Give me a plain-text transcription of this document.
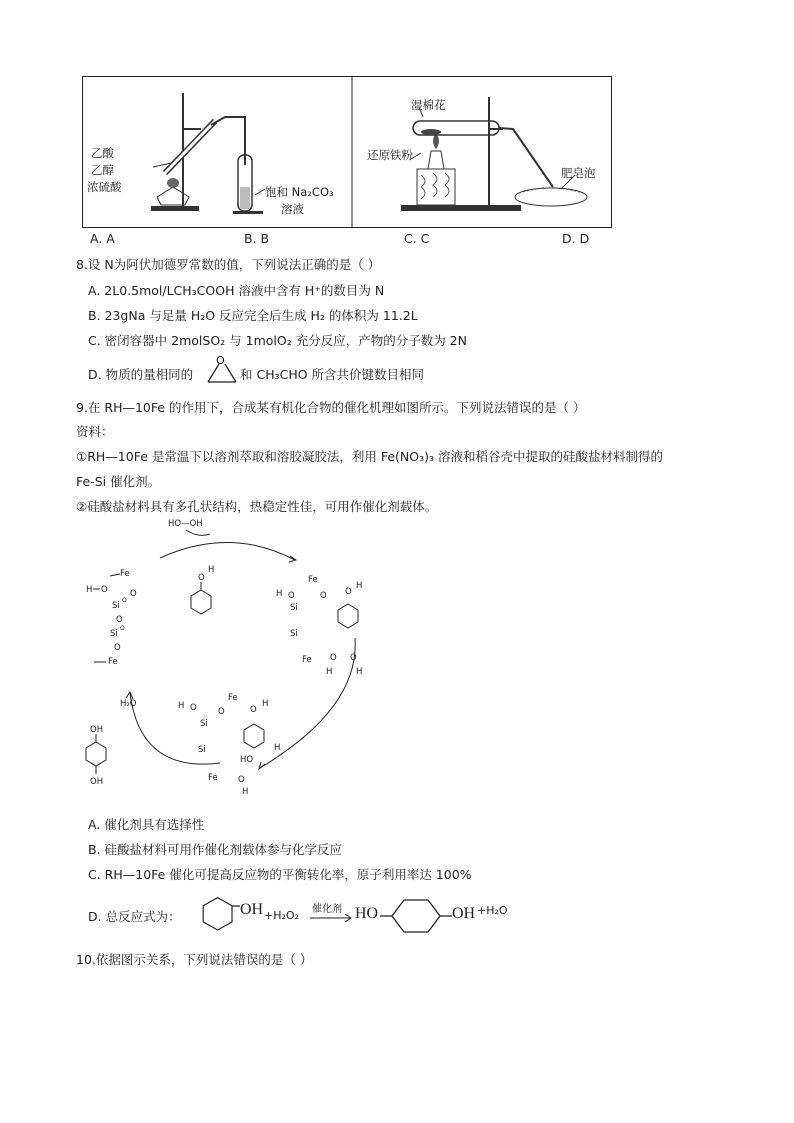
乙酸
乙醇
浓硫酸	饱和 Na₂CO₃
溶液
湿棉花
还原铁粉
肥皂泡
A. A	B. B	C. C	D. D
8.设 N为阿伏加德罗常数的值，下列说法正确的是（ ）
A. 2L0.5mol/LCH₃COOH 溶液中含有 H⁺的数目为 N
B. 23gNa 与足量 H₂O 反应完全后生成 H₂ 的体积为 11.2L
C. 密闭容器中 2molSO₂ 与 1molO₂ 充分反应，产物的分子数为 2N
D. 物质的量相同的
O
和 CH₃CHO 所含共价键数目相同
9.在 RH—10Fe 的作用下，合成某有机化合物的催化机理如图所示。下列说法错误的是（ ）
资料：
①RH—10Fe 是常温下以溶剂萃取和溶胶凝胶法，利用 Fe(NO₃)₃ 溶液和稻谷壳中提取的硅酸盐材料制得的
Fe-Si 催化剂。
②硅酸盐材料具有多孔状结构，热稳定性佳，可用作催化剂载体。
HO—OH
O
H
Fe
H O	O
Si
O
O
Si
O
O
Fe
Fe
H O	O
Si
Si
O
H
Fe O O
H	H
H₂O
Fe
H O	O
Si
Si
O
H
HO
H
Fe O
H
OH
OH
A. 催化剂具有选择性
B. 硅酸盐材料可用作催化剂载体参与化学反应
C. RH—10Fe 催化可提高反应物的平衡转化率，原子利用率达 100%
D. 总反应式为：	OH +H₂O₂ 催化剂 → HO	OH +H₂O
10.依据图示关系，下列说法错误的是（ ）
